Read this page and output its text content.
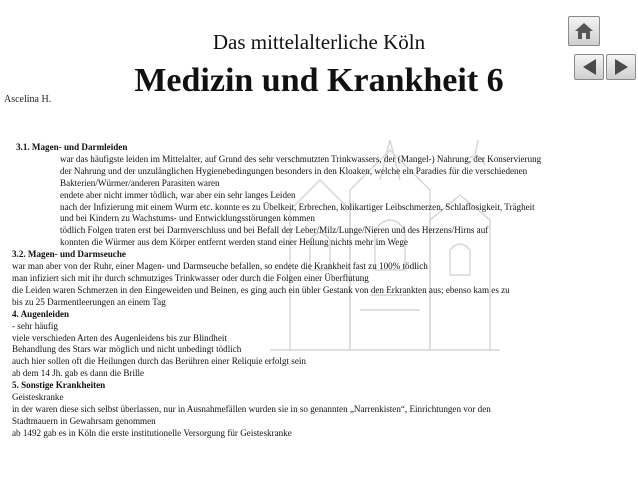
Das mittelalterliche Köln
Medizin und Krankheit 6
Ascelina H.
3.1. Magen- und Darmleiden
war das häufigste leiden im Mittelalter, auf Grund des sehr verschmutzten Trinkwassers, der (Mangel-) Nahrung, der Konservierung
der Nahrung und der unzulänglichen Hygienebedingungen besonders in den Kloaken, welche ein Paradies für die verschiedenen
Bakterien/Würmer/anderen Parasiten waren
endete aber nicht immer tödlich, war aber ein sehr langes Leiden
nach der Infizierung mit einem Wurm etc. konnte es zu Übelkeit, Erbrechen, kolikartiger Leibschmerzen, Schlaflosigkeit, Trägheit
und bei Kindern zu Wachstums- und Entwicklungsstörungen kommen
tödlich Folgen traten erst bei Darmverschluss und bei Befall der Leber/Milz/Lunge/Nieren und des Herzens/Hirns auf
konnten die Würmer aus dem Körper entfernt werden stand einer Heilung nichts mehr im Wege
3.2. Magen- und Darmseuche
war man aber von der Ruhr, einer Magen- und Darmseuche befallen, so endete die Krankheit fast zu 100% tödlich
man infiziert sich mit ihr durch schmutziges Trinkwasser oder durch die Folgen einer Überflutung
die Leiden waren Schmerzen in den Eingeweiden und Beinen, es ging auch ein übler Gestank von den Erkrankten aus; ebenso kam es zu
bis zu 25 Darmentleerungen an einem Tag
4. Augenleiden
- sehr häufig
viele verschieden Arten des Augenleidens bis zur Blindheit
Behandlung des Stars war möglich und nicht unbedingt tödlich
auch hier sollen oft die Heilungen durch das Berühren einer Reliquie erfolgt sein
ab dem 14 Jh. gab es dann die Brille
5. Sonstige Krankheiten
Geisteskranke
in der waren diese sich selbst überlassen, nur in Ausnahmefällen wurden sie in so genannten „Narrenkisten“, Einrichtungen vor den
Stadtmauern in Gewahrsam genommen
ab 1492 gab es in Köln die erste institutionelle Versorgung für Geisteskranke
